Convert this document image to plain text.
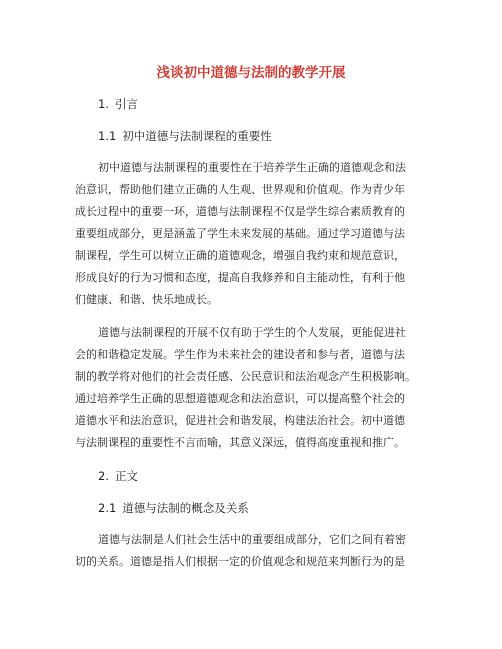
浅谈初中道德与法制的教学开展
1. 引言
1.1 初中道德与法制课程的重要性
初中道德与法制课程的重要性在于培养学生正确的道德观念和法
治意识，帮助他们建立正确的人生观、世界观和价值观。作为青少年
成长过程中的重要一环，道德与法制课程不仅是学生综合素质教育的
重要组成部分，更是涵盖了学生未来发展的基础。通过学习道德与法
制课程，学生可以树立正确的道德观念，增强自我约束和规范意识，
形成良好的行为习惯和态度，提高自我修养和自主能动性，有利于他
们健康、和谐、快乐地成长。
道德与法制课程的开展不仅有助于学生的个人发展，更能促进社
会的和谐稳定发展。学生作为未来社会的建设者和参与者，道德与法
制的教学将对他们的社会责任感、公民意识和法治观念产生积极影响。
通过培养学生正确的思想道德观念和法治意识，可以提高整个社会的
道德水平和法治意识，促进社会和谐发展，构建法治社会。初中道德
与法制课程的重要性不言而喻，其意义深远，值得高度重视和推广。
2. 正文
2.1 道德与法制的概念及关系
道德与法制是人们社会生活中的重要组成部分，它们之间有着密
切的关系。道德是指人们根据一定的价值观念和规范来判断行为的是
